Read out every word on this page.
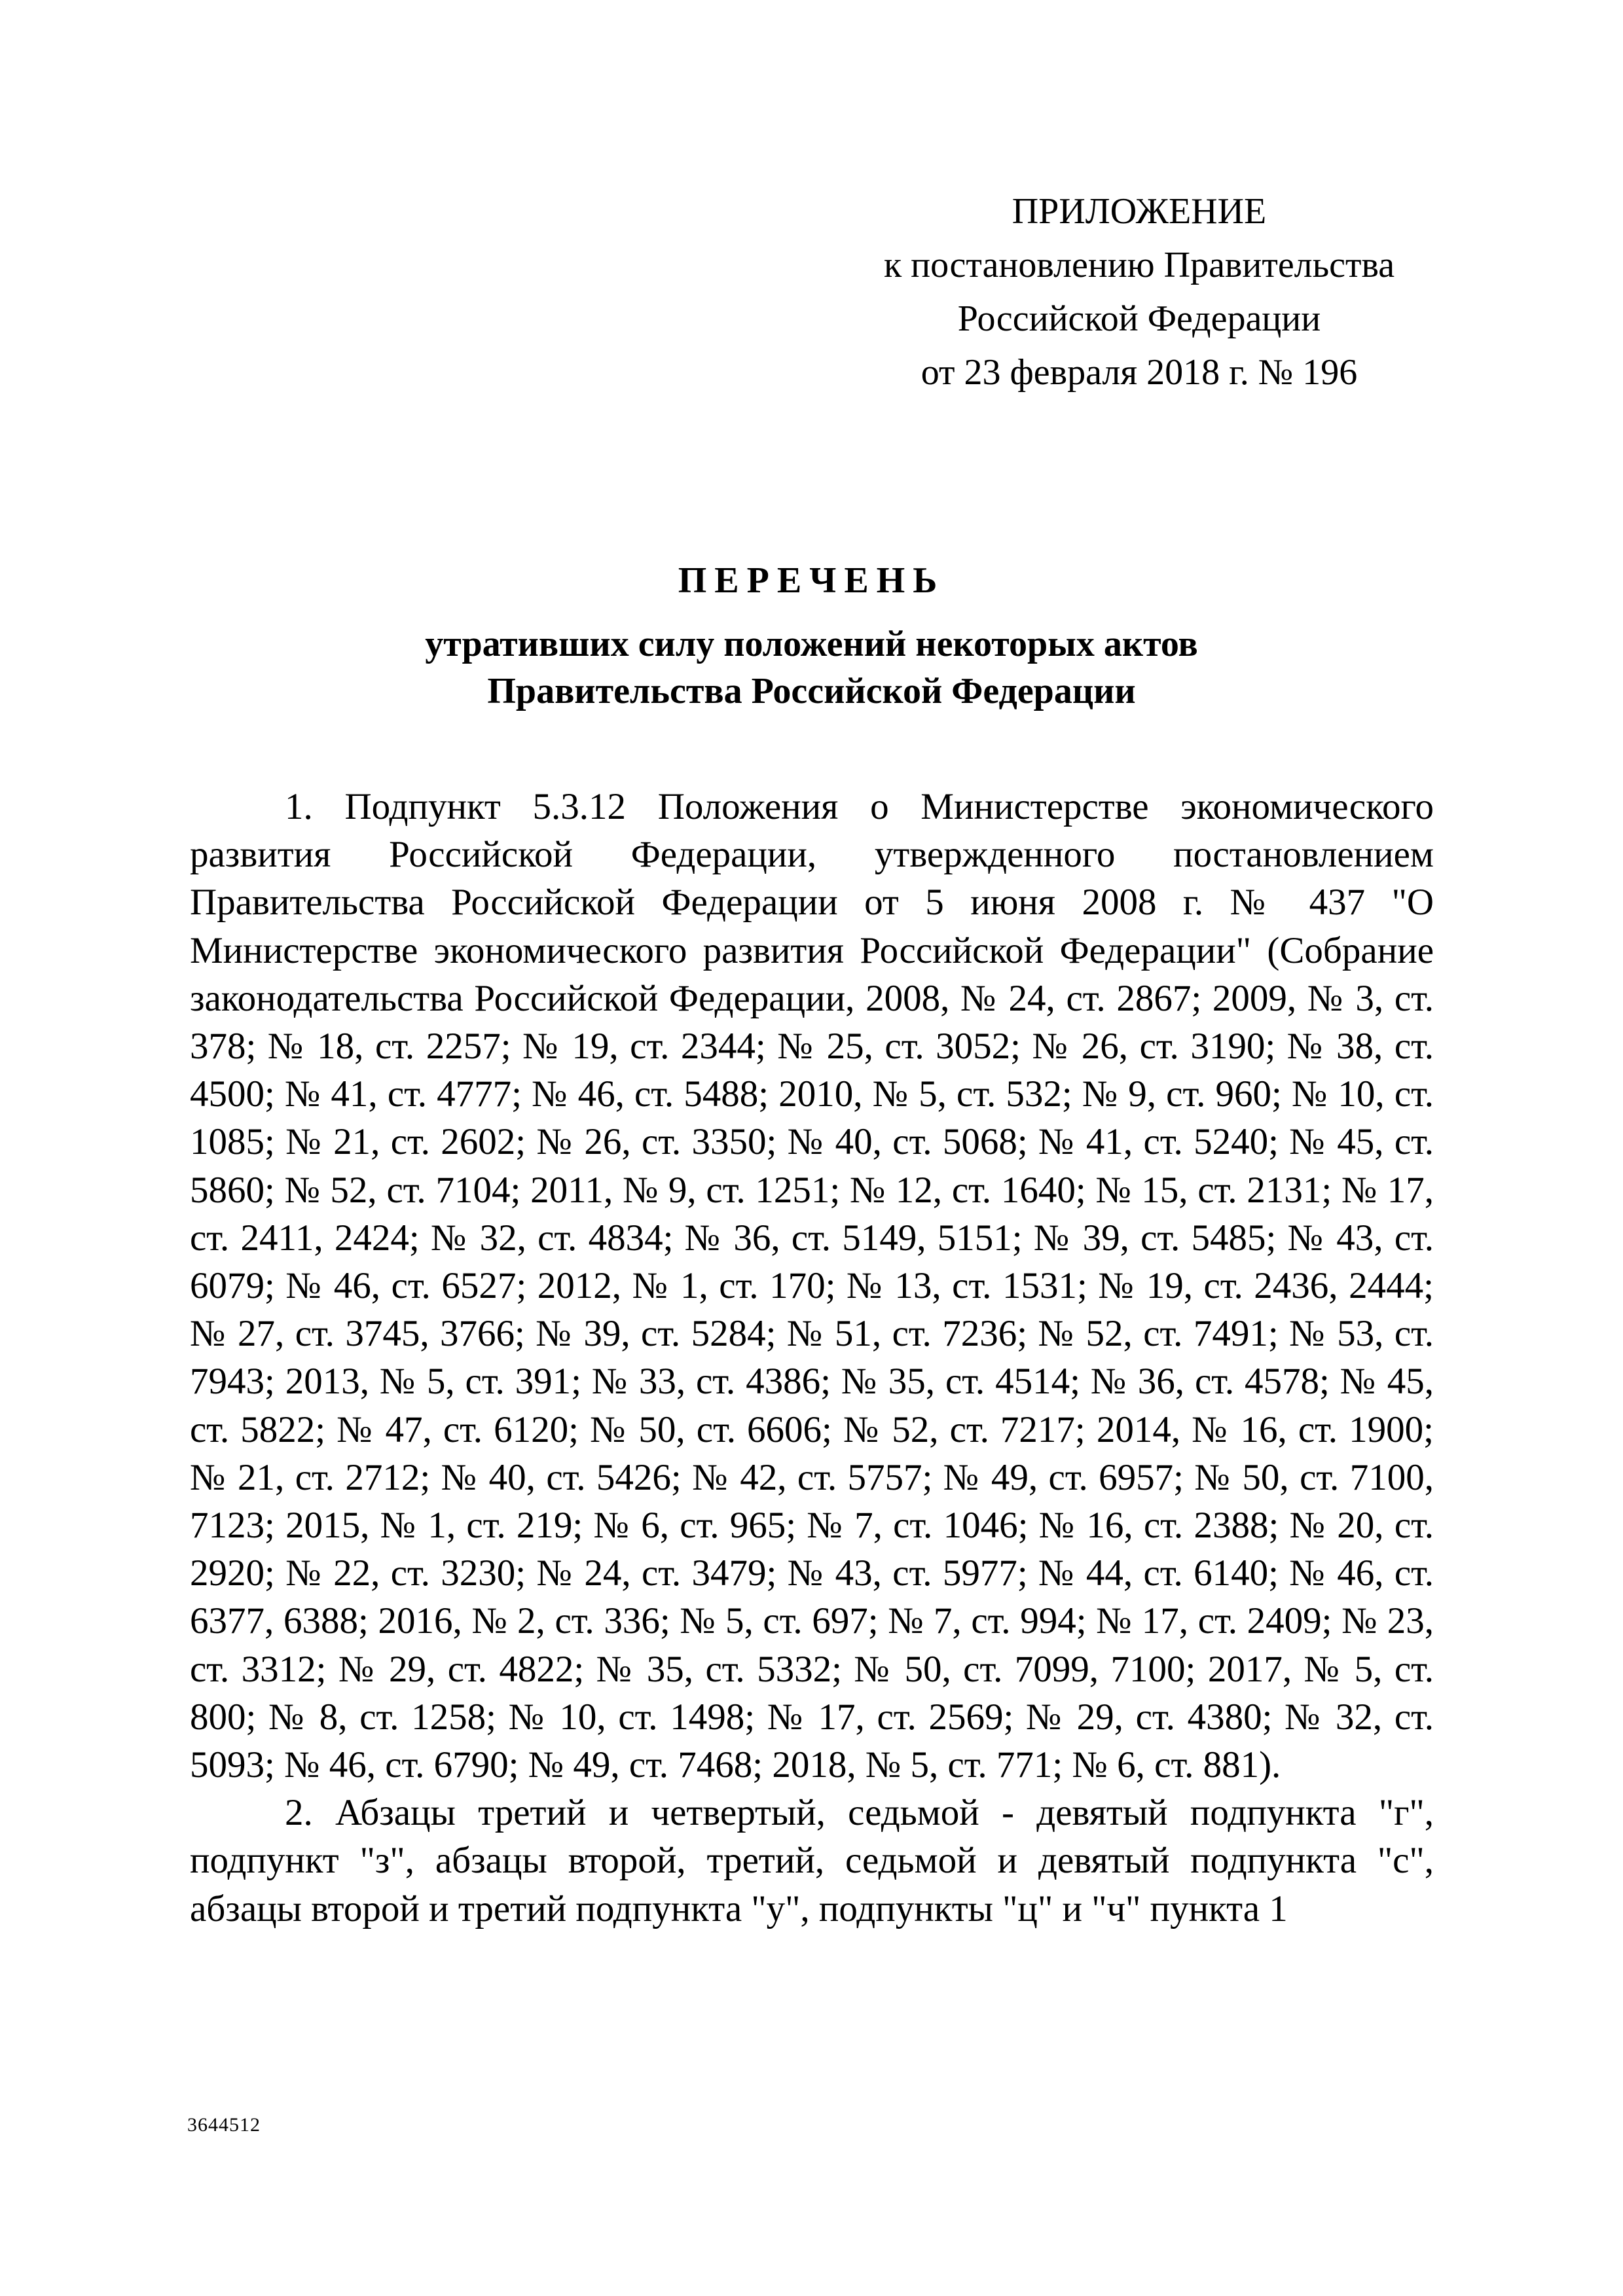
ПРИЛОЖЕНИЕ
к постановлению Правительства
Российской Федерации
от 23 февраля 2018 г. № 196
ПЕРЕЧЕНЬ
утративших силу положений некоторых актов
Правительства Российской Федерации

1. Подпункт 5.3.12 Положения о Министерстве экономического развития Российской Федерации, утвержденного постановлением Правительства Российской Федерации от 5 июня 2008 г. № 437 "О Министерстве экономического развития Российской Федерации" (Собрание законодательства Российской Федерации, 2008, № 24, ст. 2867; 2009, № 3, ст. 378; № 18, ст. 2257; № 19, ст. 2344; № 25, ст. 3052; № 26, ст. 3190; № 38, ст. 4500; № 41, ст. 4777; № 46, ст. 5488; 2010, № 5, ст. 532; № 9, ст. 960; № 10, ст. 1085; № 21, ст. 2602; № 26, ст. 3350; № 40, ст. 5068; № 41, ст. 5240; № 45, ст. 5860; № 52, ст. 7104; 2011, № 9, ст. 1251; № 12, ст. 1640; № 15, ст. 2131; № 17, ст. 2411, 2424; № 32, ст. 4834; № 36, ст. 5149, 5151; № 39, ст. 5485; № 43, ст. 6079; № 46, ст. 6527; 2012, № 1, ст. 170; № 13, ст. 1531; № 19, ст. 2436, 2444; № 27, ст. 3745, 3766; № 39, ст. 5284; № 51, ст. 7236; № 52, ст. 7491; № 53, ст. 7943; 2013, № 5, ст. 391; № 33, ст. 4386; № 35, ст. 4514; № 36, ст. 4578; № 45, ст. 5822; № 47, ст. 6120; № 50, ст. 6606; № 52, ст. 7217; 2014, № 16, ст. 1900; № 21, ст. 2712; № 40, ст. 5426; № 42, ст. 5757; № 49, ст. 6957; № 50, ст. 7100, 7123; 2015, № 1, ст. 219; № 6, ст. 965; № 7, ст. 1046; № 16, ст. 2388; № 20, ст. 2920; № 22, ст. 3230; № 24, ст. 3479; № 43, ст. 5977; № 44, ст. 6140; № 46, ст. 6377, 6388; 2016, № 2, ст. 336; № 5, ст. 697; № 7, ст. 994; № 17, ст. 2409; № 23, ст. 3312; № 29, ст. 4822; № 35, ст. 5332; № 50, ст. 7099, 7100; 2017, № 5, ст. 800; № 8, ст. 1258; № 10, ст. 1498; № 17, ст. 2569; № 29, ст. 4380; № 32, ст. 5093; № 46, ст. 6790; № 49, ст. 7468; 2018, № 5, ст. 771; № 6, ст. 881).

2. Абзацы третий и четвертый, седьмой - девятый подпункта "г", подпункт "з", абзацы второй, третий, седьмой и девятый подпункта "с", абзацы второй и третий подпункта "у", подпункты "ц" и "ч" пункта 1

3644512
